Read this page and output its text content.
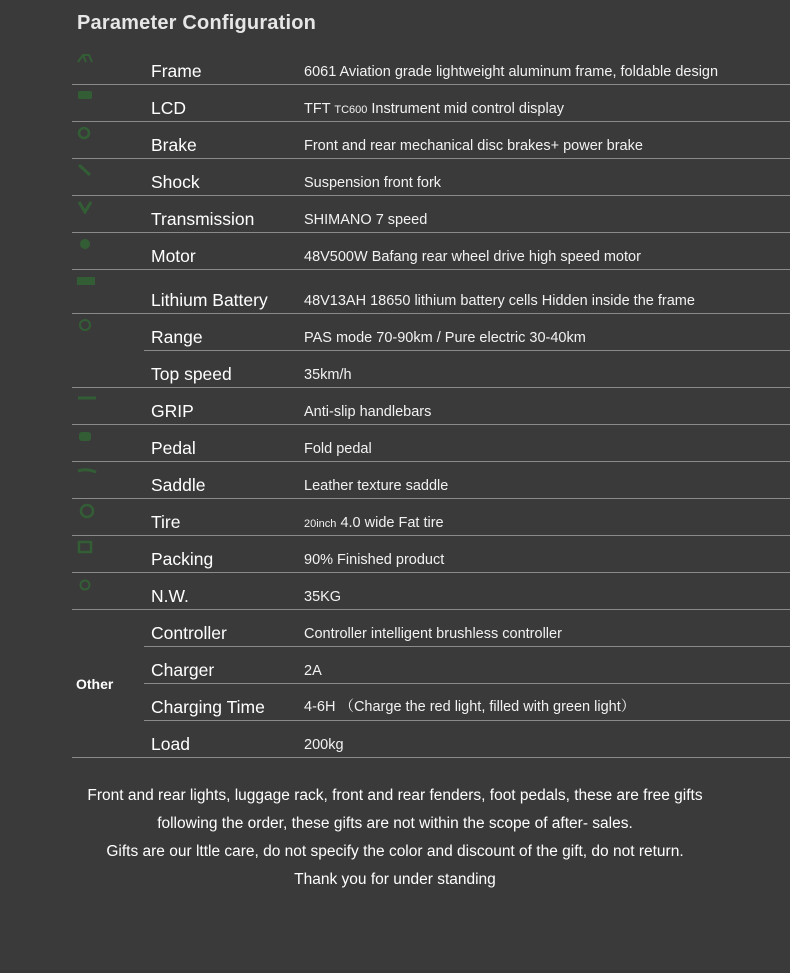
Parameter Configuration
Frame	6061 Aviation grade lightweight aluminum frame, foldable design
LCD	TFT TC600 Instrument mid control display
Brake	Front and rear mechanical disc brakes+ power brake
Shock	Suspension front fork
Transmission	SHIMANO 7 speed
Motor	48V500W Bafang rear wheel drive high speed motor
Lithium Battery	48V13AH 18650 lithium battery cells Hidden inside the frame
Range	PAS mode 70-90km / Pure electric 30-40km
Top speed	35km/h
GRIP	Anti-slip handlebars
Pedal	Fold pedal
Saddle	Leather texture saddle
Tire	20inch 4.0 wide Fat tire
Packing	90% Finished product
N.W.	35KG
Other
Controller	Controller intelligent brushless controller
Charger	2A
Charging Time	4-6H （Charge the red light, filled with green light）
Load	200kg
Front and rear lights, luggage rack, front and rear fenders, foot pedals, these are free gifts
following the order, these gifts are not within the scope of after- sales.
Gifts are our lttle care, do not specify the color and discount of the gift, do not return.
Thank you for under standing
